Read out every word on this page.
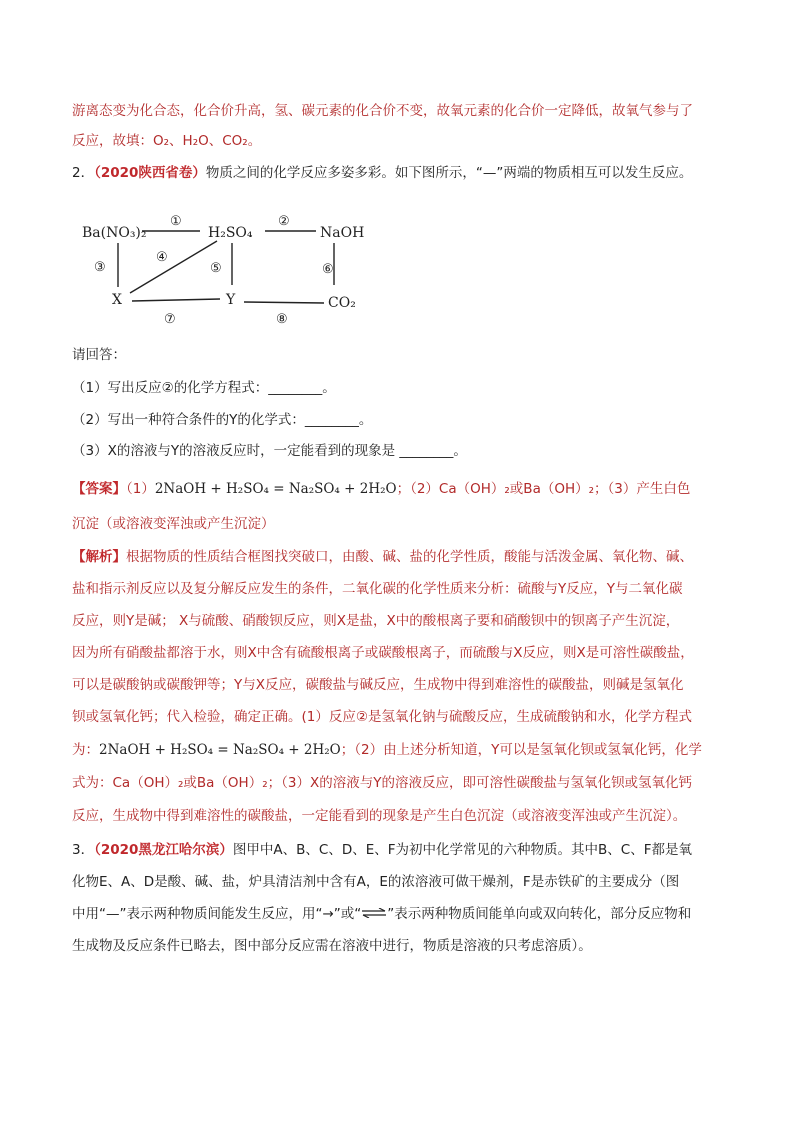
游离态变为化合态，化合价升高，氢、碳元素的化合价不变，故氧元素的化合价一定降低，故氧气参与了
反应，故填：O₂、H₂O、CO₂。
2．（2020陕西省卷）物质之间的化学反应多姿多彩。如下图所示，“—”两端的物质相互可以发生反应。
Ba(NO₃)₂	H₂SO₄	NaOH
X	Y	CO₂
①	②
③
④
⑤	⑥
⑦	⑧
请回答：
（1）写出反应②的化学方程式：________。
（2）写出一种符合条件的Y的化学式：________。
（3）X的溶液与Y的溶液反应时，一定能看到的现象是 ________。
【答案】（1）2NaOH + H₂SO₄ = Na₂SO₄ + 2H₂O；（2）Ca（OH）₂或Ba（OH）₂；（3）产生白色
沉淀（或溶液变浑浊或产生沉淀）
【解析】根据物质的性质结合框图找突破口，由酸、碱、盐的化学性质，酸能与活泼金属、氧化物、碱、
盐和指示剂反应以及复分解反应发生的条件，二氧化碳的化学性质来分析：硫酸与Y反应，Y与二氧化碳
反应，则Y是碱； X与硫酸、硝酸钡反应，则X是盐，X中的酸根离子要和硝酸钡中的钡离子产生沉淀，
因为所有硝酸盐都溶于水，则X中含有硫酸根离子或碳酸根离子，而硫酸与X反应，则X是可溶性碳酸盐，
可以是碳酸钠或碳酸钾等；Y与X反应，碳酸盐与碱反应，生成物中得到难溶性的碳酸盐，则碱是氢氧化
钡或氢氧化钙；代入检验，确定正确。(1）反应②是氢氧化钠与硫酸反应，生成硫酸钠和水，化学方程式
为：2NaOH + H₂SO₄ = Na₂SO₄ + 2H₂O；（2）由上述分析知道，Y可以是氢氧化钡或氢氧化钙，化学
式为：Ca（OH）₂或Ba（OH）₂；（3）X的溶液与Y的溶液反应，即可溶性碳酸盐与氢氧化钡或氢氧化钙
反应，生成物中得到难溶性的碳酸盐，一定能看到的现象是产生白色沉淀（或溶液变浑浊或产生沉淀）。
3．（2020黑龙江哈尔滨）图甲中A、B、C、D、E、F为初中化学常见的六种物质。其中B、C、F都是氧
化物E、A、D是酸、碱、盐，炉具清洁剂中含有A，E的浓溶液可做干燥剂，F是赤铁矿的主要成分（图
中用“—”表示两种物质间能发生反应，用“→”或“ ”表示两种物质间能单向或双向转化，部分反应物和
生成物及反应条件已略去，图中部分反应需在溶液中进行，物质是溶液的只考虑溶质）。
